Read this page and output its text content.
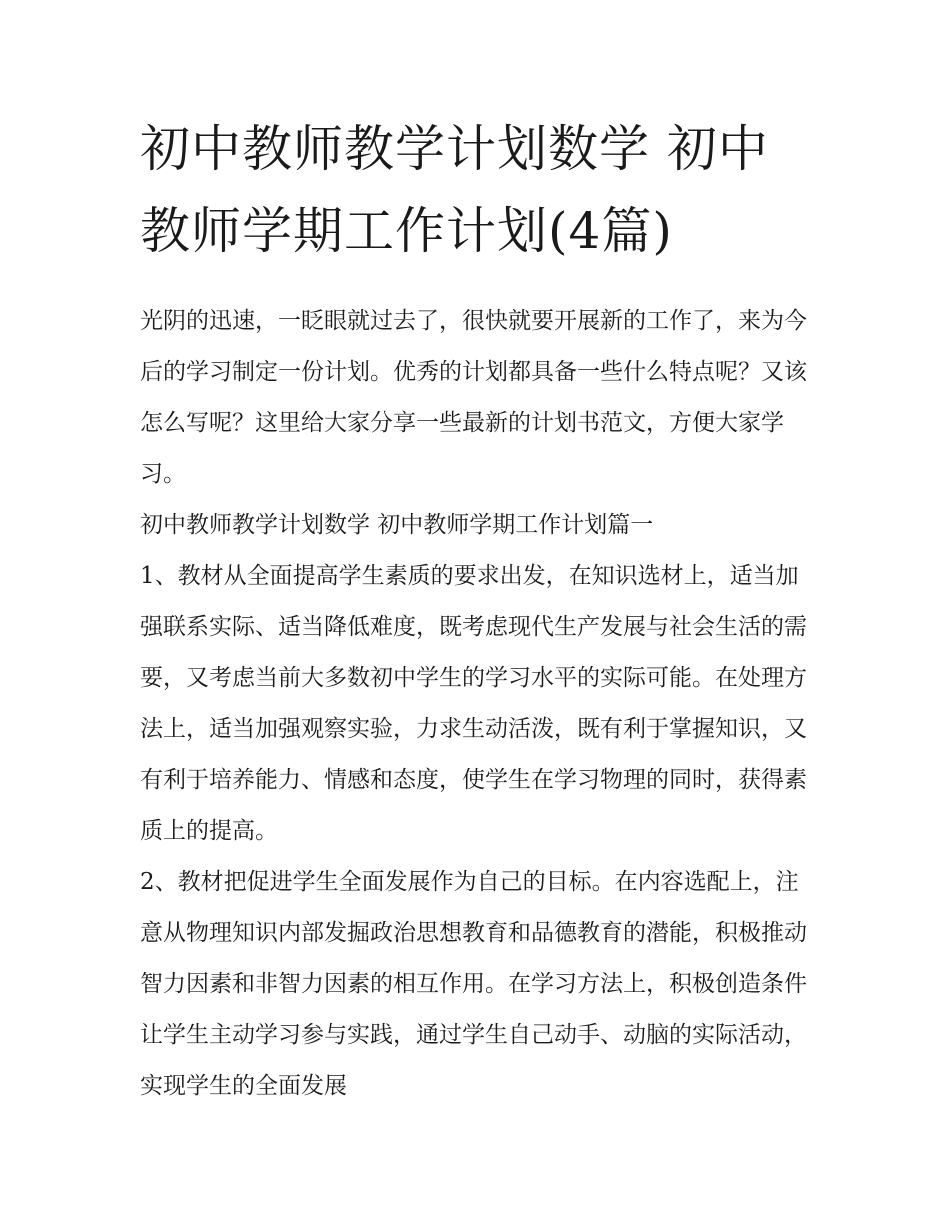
初中教师教学计划数学 初中教师学期工作计划(4篇)

光阴的迅速，一眨眼就过去了，很快就要开展新的工作了，来为今后的学习制定一份计划。优秀的计划都具备一些什么特点呢？又该怎么写呢？这里给大家分享一些最新的计划书范文，方便大家学习。

初中教师教学计划数学 初中教师学期工作计划篇一

1、教材从全面提高学生素质的要求出发，在知识选材上，适当加强联系实际、适当降低难度，既考虑现代生产发展与社会生活的需要，又考虑当前大多数初中学生的学习水平的实际可能。在处理方法上，适当加强观察实验，力求生动活泼，既有利于掌握知识，又有利于培养能力、情感和态度，使学生在学习物理的同时，获得素质上的提高。

2、教材把促进学生全面发展作为自己的目标。在内容选配上，注意从物理知识内部发掘政治思想教育和品德教育的潜能，积极推动智力因素和非智力因素的相互作用。在学习方法上，积极创造条件让学生主动学习参与实践，通过学生自己动手、动脑的实际活动，实现学生的全面发展
